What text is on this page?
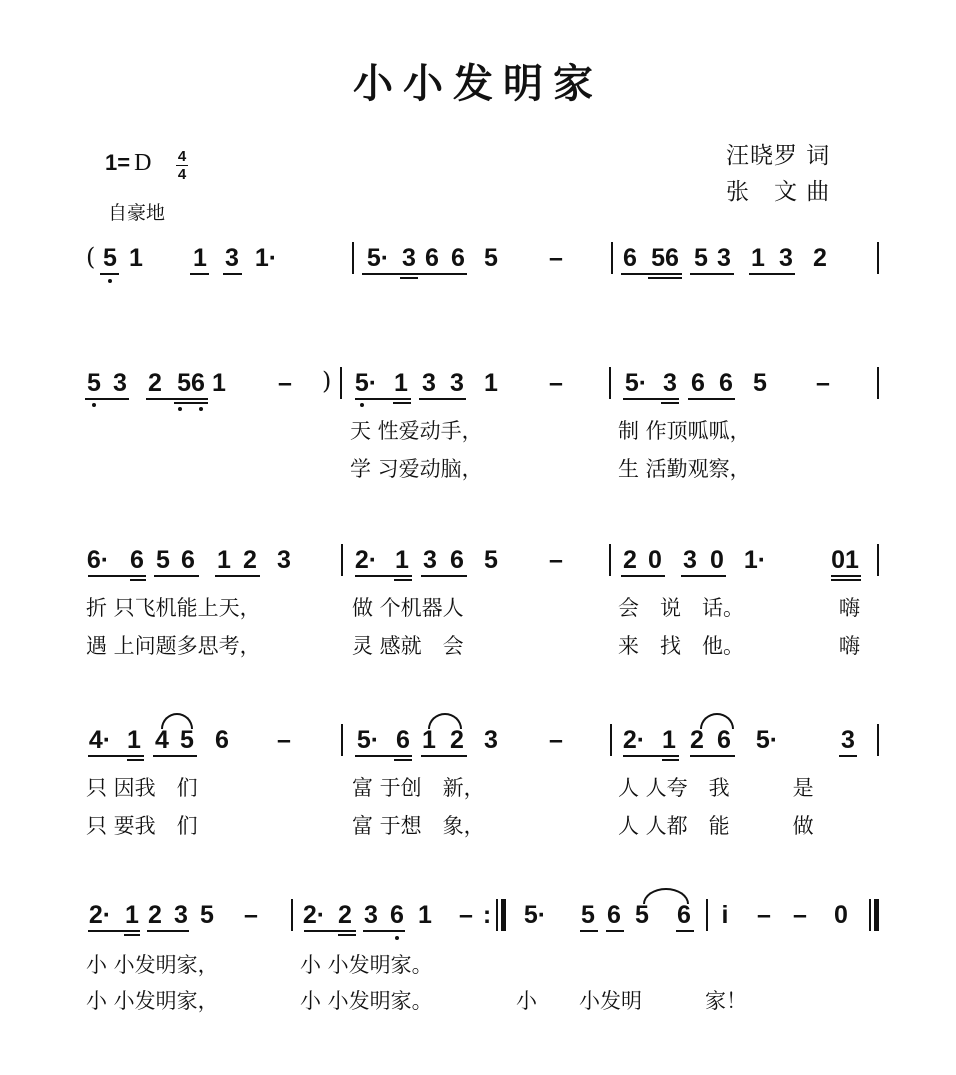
小小发明家
1= D 4
4
自豪地
汪晓罗 词
张　文 曲
( 5 1 1 3 1·	5· 3 6 6 5 – 6 56 5 3 1 3 2
5 3 2 56 1 – ) 5· 1 3 3 1 – 5· 3 6 6 5 –
天 性爱动手，	制 作顶呱呱，
学 习爱动脑，	生 活勤观察，
6· 6 5 6 1 2 3	2· 1 3 6 5 – 2 0 3 0 1·	01
折 只飞机能上天，	做 个机器人	会　说　话。	嗨
遇 上问题多思考，	灵 感就　会	来　找　他。	嗨
4· 1 4 5 6 –	5· 6 1 2 3 – 2· 1 2 6 5·	3
只 因我　们	富 于创　新，	人 人夸　我　　　是
只 要我　们	富 于想　象，	人 人都　能　　　做
2· 1 2 3 5 – 2· 2 3 6 1 – : 5· 5 6 5 6 i – – 0
小 小发明家，	小 小发明家。
小 小发明家，	小 小发明家。	小　　小发明　　　家！
